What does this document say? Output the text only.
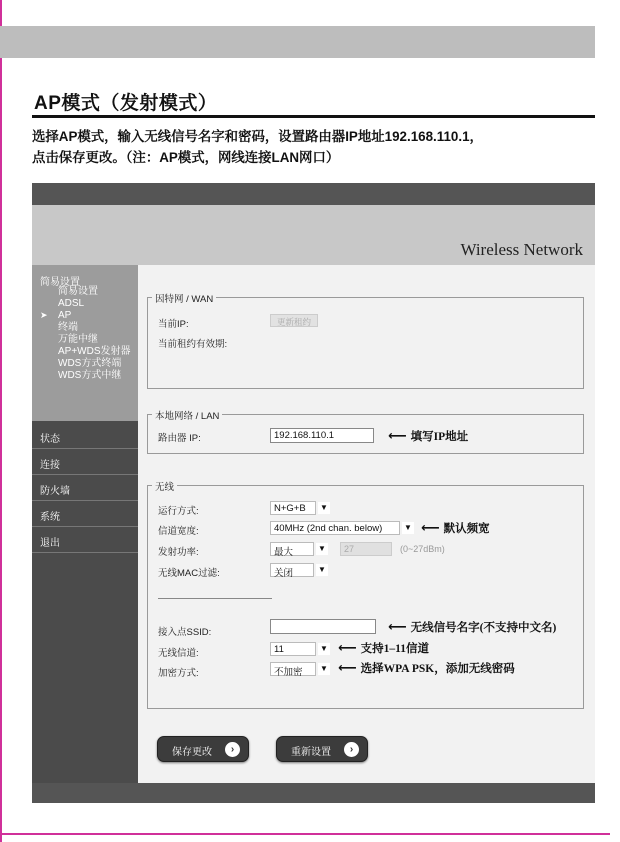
AP模式（发射模式）
选择AP模式，输入无线信号名字和密码，设置路由器IP地址192.168.110.1，
点击保存更改。（注：AP模式，网线连接LAN网口）
Wireless Network
简易设置
简易设置
ADSL
➤ AP
终端
万能中继
AP+WDS发射器
WDS方式终端
WDS方式中继
状态
连接
防火墙
系统
退出
因特网 / WAN
当前IP:	更新租约
当前租约有效期:
本地网络 / LAN
路由器 IP:	192.168.110.1	⟵ 填写IP地址
无线
运行方式:	N+G+B	▼
信道宽度:	40MHz (2nd chan. below)	▼ ⟵ 默认频宽
发射功率:	最大	▼	27	(0~27dBm)
无线MAC过滤:	关闭	▼
接入点SSID:	⟵ 无线信号名字(不支持中文名)
无线信道:	11	▼ ⟵ 支持1–11信道
加密方式:	不加密	▼ ⟵ 选择WPA PSK，添加无线密码
保存更改	›	重新设置	›
